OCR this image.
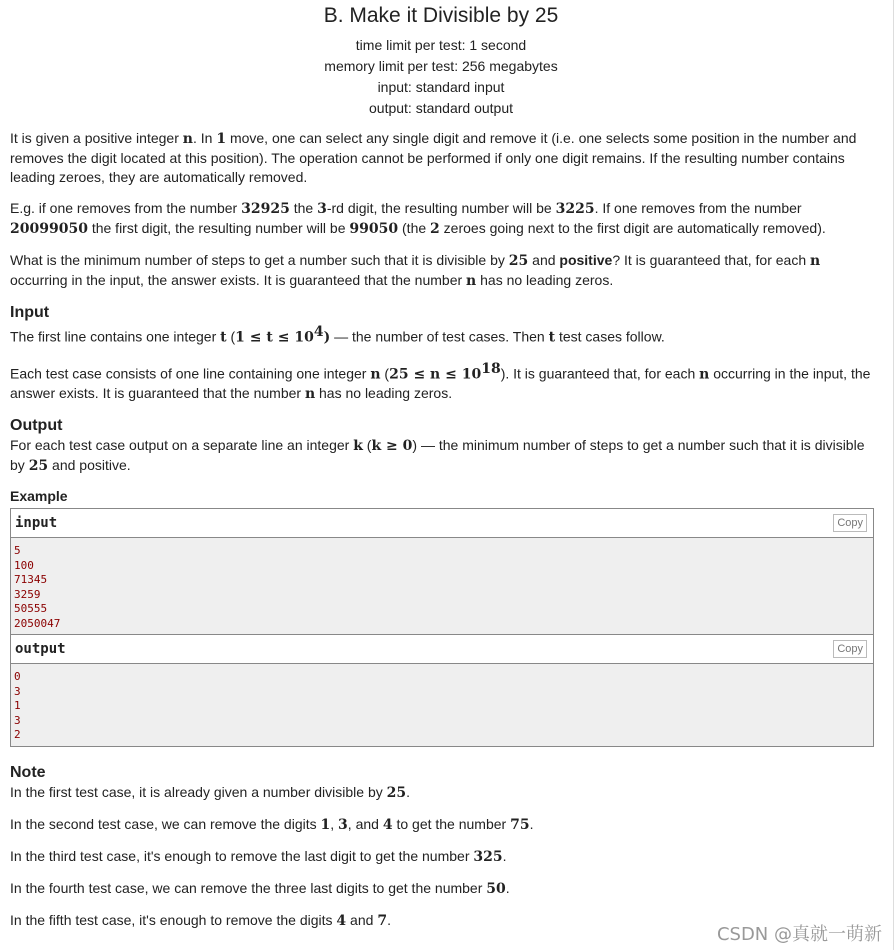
B. Make it Divisible by 25
time limit per test: 1 second
memory limit per test: 256 megabytes
input: standard input
output: standard output

It is given a positive integer n. In 1 move, one can select any single digit and remove it (i.e. one selects some position in the number and removes the digit located at this position). The operation cannot be performed if only one digit remains. If the resulting number contains leading zeroes, they are automatically removed.

E.g. if one removes from the number 32925 the 3-rd digit, the resulting number will be 3225. If one removes from the number 20099050 the first digit, the resulting number will be 99050 (the 2 zeroes going next to the first digit are automatically removed).

What is the minimum number of steps to get a number such that it is divisible by 25 and positive? It is guaranteed that, for each n occurring in the input, the answer exists. It is guaranteed that the number n has no leading zeros.

Input

The first line contains one integer t $(1 \le t \le 10^4)$ — the number of test cases. Then t test cases follow.

Each test case consists of one line containing one integer n $(25 \le n \le 10^{18})$. It is guaranteed that, for each n occurring in the input, the answer exists. It is guaranteed that the number n has no leading zeros.

Output

For each test case output on a separate line an integer k (k ≥ 0) — the minimum number of steps to get a number such that it is divisible by 25 and positive.

Example
input	Copy
5
100
71345
3259
50555
2050047
output	Copy
0
3
1
3
2
Note

In the first test case, it is already given a number divisible by 25.

In the second test case, we can remove the digits 1, 3, and 4 to get the number 75.

In the third test case, it's enough to remove the last digit to get the number 325.

In the fourth test case, we can remove the three last digits to get the number 50.

In the fifth test case, it's enough to remove the digits 4 and 7.

CSDN @真就一萌新
